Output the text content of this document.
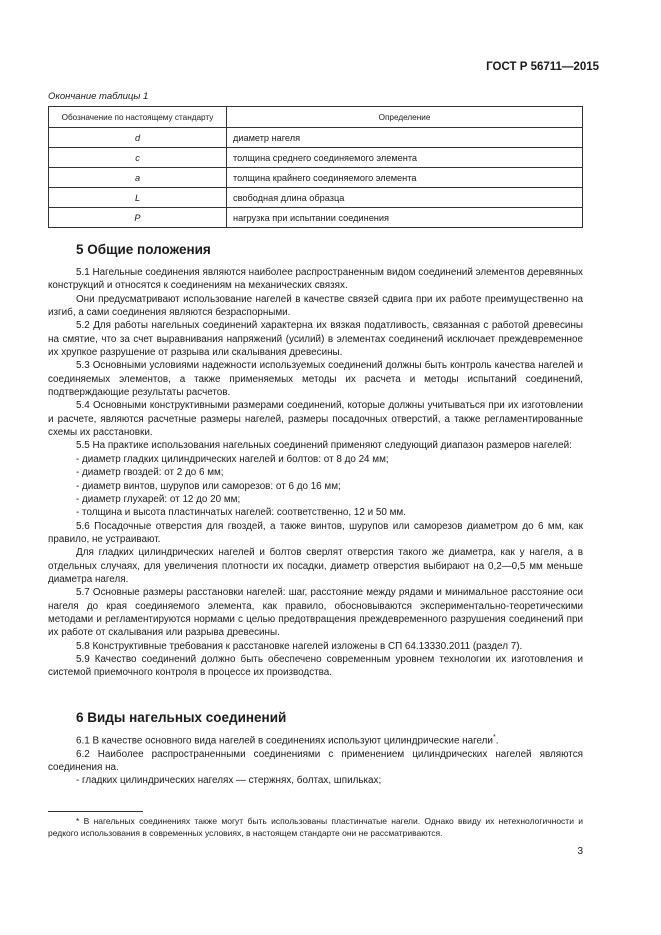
ГОСТ Р 56711—2015
Окончание таблицы 1
Обозначение по настоящему стандарту	Определение
d	диаметр нагеля
c	толщина среднего соединяемого элемента
a	толщина крайнего соединяемого элемента
L	свободная длина образца
P	нагрузка при испытании соединения
5 Общие положения

5.1 Нагельные соединения являются наиболее распространенным видом соединений элементов деревянных конструкций и относятся к соединениям на механических связях.

Они предусматривают использование нагелей в качестве связей сдвига при их работе преимущественно на изгиб, а сами соединения являются безраспорными.

5.2 Для работы нагельных соединений характерна их вязкая податливость, связанная с работой древесины на смятие, что за счет выравнивания напряжений (усилий) в элементах соединений исключает преждевременное их хрупкое разрушение от разрыва или скалывания древесины.

5.3 Основными условиями надежности используемых соединений должны быть контроль качества нагелей и соединяемых элементов, а также применяемых методы их расчета и методы испытаний соединений, подтверждающие результаты расчетов.

5.4 Основными конструктивными размерами соединений, которые должны учитываться при их изготовлении и расчете, являются расчетные размеры нагелей, размеры посадочных отверстий, а также регламентированные схемы их расстановки.

5.5 На практике использования нагельных соединений применяют следующий диапазон размеров нагелей:

- диаметр гладких цилиндрических нагелей и болтов: от 8 до 24 мм;

- диаметр гвоздей: от 2 до 6 мм;

- диаметр винтов, шурупов или саморезов: от 6 до 16 мм;

- диаметр глухарей: от 12 до 20 мм;

- толщина и высота пластинчатых нагелей: соответственно, 12 и 50 мм.

5.6 Посадочные отверстия для гвоздей, а также винтов, шурупов или саморезов диаметром до 6 мм, как правило, не устраивают.

Для гладких цилиндрических нагелей и болтов сверлят отверстия такого же диаметра, как у нагеля, а в отдельных случаях, для увеличения плотности их посадки, диаметр отверстия выбирают на 0,2—0,5 мм меньше диаметра нагеля.

5.7 Основные размеры расстановки нагелей: шаг, расстояние между рядами и минимальное расстояние оси нагеля до края соединяемого элемента, как правило, обосновываются экспериментально-теоретическими методами и регламентируются нормами с целью предотвращения преждевременного разрушения соединений при их работе от скалывания или разрыва древесины.

5.8 Конструктивные требования к расстановке нагелей изложены в СП 64.13330.2011 (раздел 7).

5.9 Качество соединений должно быть обеспечено современным уровнем технологии их изготовления и системой приемочного контроля в процессе их производства.

6 Виды нагельных соединений

6.1 В качестве основного вида нагелей в соединениях используют цилиндрические нагели*.

6.2 Наиболее распространенными соединениями с применением цилиндрических нагелей являются соединения на.

- гладких цилиндрических нагелях — стержнях, болтах, шпильках;

* В нагельных соединениях также могут быть использованы пластинчатые нагели. Однако ввиду их нетехнологичности и редкого использования в современных условиях, в настоящем стандарте они не рассматриваются.
3
